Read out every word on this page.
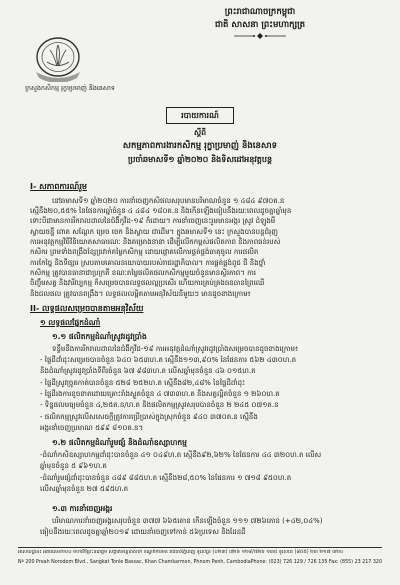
ព្រះរាជាណាចក្រកម្ពុជា
ជាតិ សាសនា ព្រះមហាក្សត្រ
ក្រសួងកសិកម្ម រុក្ខាប្រមាញ់ និងនេសាទ
របាយការណ៍
ស្តីពី
សកម្មភាពការងារកសិកម្ម រុក្ខាប្រមាញ់ និងនេសាទ
ប្រចាំឆមាសទី១ ឆ្នាំ២០២០ និងទិសដៅអនុវត្តបន្ត
I- សភាពការណ៍រួម
នៅឆមាសទី១ ឆ្នាំ២០២០ ការនាំចេញកសិផលសរុបមានបរិមាណចំនួន ១ ៤៨៤ ៩៧០ត.ន
ស្មើនឹង២០,៥៥% នៃផែនការឆ្នាំចំនួន ៤ ៤៨៤ ១៨០ត.ន និងកើនឡើងធៀបនឹងរយៈពេលដូចគ្នាឆ្នាំមុន
ទោះបីជាមានការរីករាលដាលនៃជំងឺកូវីដ-១៩ ក៏ដោយ។ ការនាំចេញនេះរួមមានអង្ករ ស្រូវ ដំឡូងមី
ស្វាយចន្ទី ពោត សណ្តែក ម្រេច ចេក និងស្វាយ ជាដើម។ ក្នុងឆមាសទី១ នេះ ក្រសួងបានបន្តជំរុញ
ការអនុវត្តកម្មវិធីវិនិយោគសាធារណៈ និងគម្រោងនានា ដើម្បីលើកកម្ពស់ផលិតភាព និងភាពធន់របស់
កសិករ ព្រមទាំងពង្រឹងខ្សែច្រវាក់តម្លៃកសិកម្ម ដោយផ្តោតលើការផ្គត់ផ្គង់ធាតុចូល ការផលិត
ការកែច្នៃ និងទីផ្សារ ស្របតាមគោលនយោបាយរបស់រាជរដ្ឋាភិបាល។ ការផ្គត់ផ្គង់ពូជ ជី និងថ្នាំ
កសិកម្ម ត្រូវបានធានាជាប្រក្រតី ខណៈតម្លៃផលិតផលកសិកម្មមួយចំនួនមានស្ថិរភាព។ ការ
ចិញ្ចឹមសត្វ និងវារីវប្បកម្ម ក៏សម្រេចបានលទ្ធផលល្អប្រសើរ ហើយការគ្រប់គ្រងធនធានព្រៃឈើ
និងជលផល ត្រូវបានពង្រឹង។ លទ្ធផលលម្អិតតាមអនុវិស័យនីមួយៗ មានដូចខាងក្រោម៖
II- លទ្ធផលសម្រេចបានតាមអនុវិស័យ
១ លទ្ធផលផ្នែកដំណាំ
១.១ ផលិតកម្មដំណាំស្រូវរដូវប្រាំង
ទន្ទឹមនឹងការរីករាលដាលនៃជំងឺកូវីដ-១៩ ការអនុវត្តដំណាំស្រូវរដូវប្រាំងសម្រេចបានដូចខាងក្រោម៖
- ផ្ទៃដីដាំដុះសម្រេចបានចំនួន ៦៤០ ៦៥៣ហ.ត ស្មើនឹង១១៣,៩០% នៃផែនការ ៥៦២ ៤៣០ហ.ត
និងដំណាំស្រូវរដូវប្រាំងទីពីរចំនួន ៦៧ ៩៨៣ហ.ត លើសឆ្នាំមុនចំនួន ៤៦ ០១៥ហ.ត
- ផ្ទៃដីស្រូវច្រូតកាត់បានចំនួន ៥២៨ ២៥២ហ.ត ស្មើនឹង៨២,៤៨% នៃផ្ទៃដីដាំដុះ
- ផ្ទៃដីរងការខូចខាតដោយគ្រោះរាំងស្ងួតចំនួន ៤ ៧៣៣ហ.ត និងសត្វល្អិតចំនួន ១ ២៦០ហ.ត
- ទិន្នផលមធ្យមចំនួន ៤,២៥ត.ន/ហ.ត និងផលិតកម្មស្រូវសរុបបានចំនួន ២ ២៤៥ ០៧១ត.ន
- ផលិតកម្មស្រូវលើសសេចក្តីត្រូវការប្រើប្រាស់ក្នុងស្រុកចំនួន ៩៤០ ៣៧០ត.ន ស្មើនឹង
អង្ករនាំចេញប្រមាណ ៥៩៩ ៨១០ត.ន។
១.២ ផលិតកម្មដំណាំរួមផ្សំ និងដំណាំឧស្សាហកម្ម
-ដំណាំកសិឧស្សាហកម្មដាំដុះបានចំនួន ៤១ ០៤៩ហ.ត ស្មើនឹង៩២,៦២% នៃផែនការ ៤៤ ៣២០ហ.ត លើស
ឆ្នាំមុនចំនួន ៥ ៩៦១ហ.ត
-ដំណាំរួមផ្សំដាំដុះបានចំនួន ៤៨៩ ៨៨៥ហ.ត ស្មើនឹង២៨,៥០% នៃផែនការ ១ ៧១៨ ៩៥០ហ.ត
លើសឆ្នាំមុនចំនួន ២៧ ៥៩៥ហ.ត
១.៣ ការនាំចេញអង្ករ
បរិមាណការនាំចេញអង្ករសរុបចំនួន ៣៧៧ ៦៦៥តោន កើនឡើងចំនួន ១១១ ៧២៦តោន (+៤២,០៤%)
ធៀបនឹងរយៈពេលដូចគ្នាឆ្នាំ២០១៩ ដោយនាំចេញទៅកាន់ ៥៦ប្រទេស និងដែនដី
អាសយដ្ឋាន៖ អគារលេខ២០០ មហាវិថីព្រះនរោត្តម សង្កាត់ទន្លេបាសាក់ ខណ្ឌចំការមន រាជធានីភ្នំពេញ ទូរស័ព្ទ៖ (០២៣) ៧២៦ ១២៩/៧២៦ ១៣៥ ទូរសារ៖ (៨៥៥) ២៣ ២១៧ ៣២០
Nº 200 Preah Norodom Blvd., Sangkat Tonle Bassac, Khan Chamkarmon, Phnom Penh, Cambodia Phone: (023) 726 129 / 726 135 Fax: (855) 23 217 320
